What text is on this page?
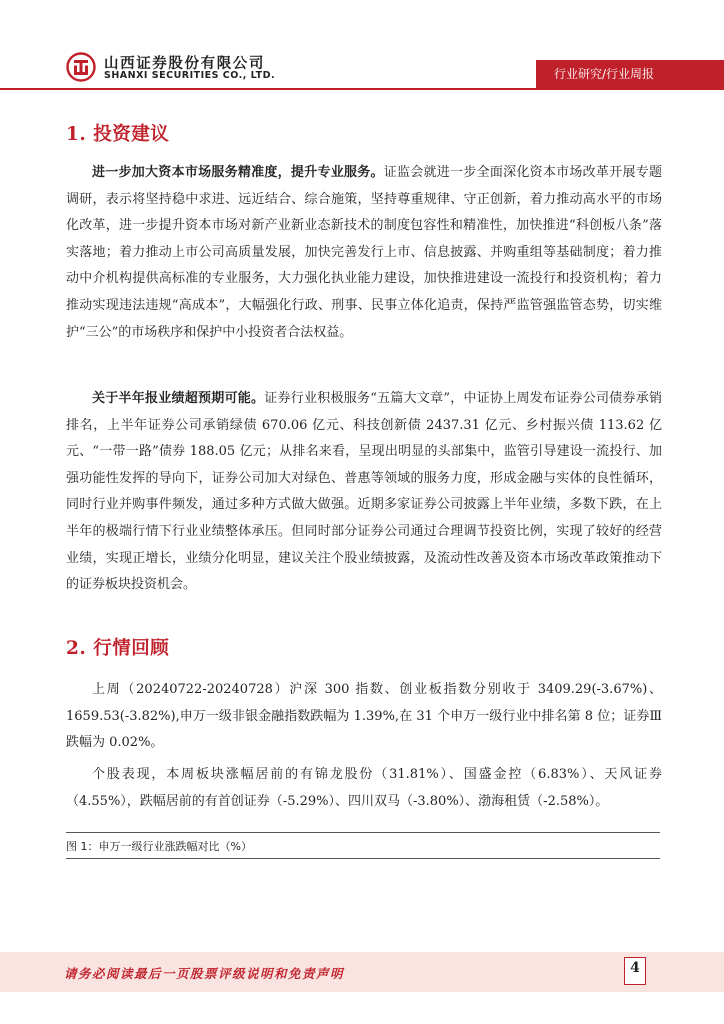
山西证券股份有限公司
SHANXI SECURITIES CO., LTD.	行业研究/行业周报
1. 投资建议
进一步加大资本市场服务精准度，提升专业服务。证监会就进一步全面深化资本市场改革开展专题调研，表示将坚持稳中求进、远近结合、综合施策，坚持尊重规律、守正创新，着力推动高水平的市场化改革，进一步提升资本市场对新产业新业态新技术的制度包容性和精准性，加快推进“科创板八条”落实落地；着力推动上市公司高质量发展，加快完善发行上市、信息披露、并购重组等基础制度；着力推动中介机构提供高标准的专业服务，大力强化执业能力建设，加快推进建设一流投行和投资机构；着力推动实现违法违规“高成本”，大幅强化行政、刑事、民事立体化追责，保持严监管强监管态势，切实维护“三公”的市场秩序和保护中小投资者合法权益。
关于半年报业绩超预期可能。证券行业积极服务“五篇大文章”，中证协上周发布证券公司债券承销排名，上半年证券公司承销绿债 670.06 亿元、科技创新债 2437.31 亿元、乡村振兴债 113.62 亿元、“一带一路”债券 188.05 亿元；从排名来看，呈现出明显的头部集中，监管引导建设一流投行、加强功能性发挥的导向下，证券公司加大对绿色、普惠等领域的服务力度，形成金融与实体的良性循环，同时行业并购事件频发，通过多种方式做大做强。近期多家证券公司披露上半年业绩，多数下跌，在上半年的极端行情下行业业绩整体承压。但同时部分证券公司通过合理调节投资比例，实现了较好的经营业绩，实现正增长，业绩分化明显，建议关注个股业绩披露，及流动性改善及资本市场改革政策推动下的证券板块投资机会。
2. 行情回顾
上周（20240722-20240728）沪深 300 指数、创业板指数分别收于 3409.29(-3.67%)、1659.53(-3.82%),申万一级非银金融指数跌幅为 1.39%,在 31 个申万一级行业中排名第 8 位；证券Ⅲ跌幅为 0.02%。
个股表现，本周板块涨幅居前的有锦龙股份（31.81%）、国盛金控（6.83%）、天风证券（4.55%），跌幅居前的有首创证券（-5.29%）、四川双马（-3.80%）、渤海租赁（-2.58%）。
图 1：申万一级行业涨跌幅对比（%）
请务必阅读最后一页股票评级说明和免责声明	4
